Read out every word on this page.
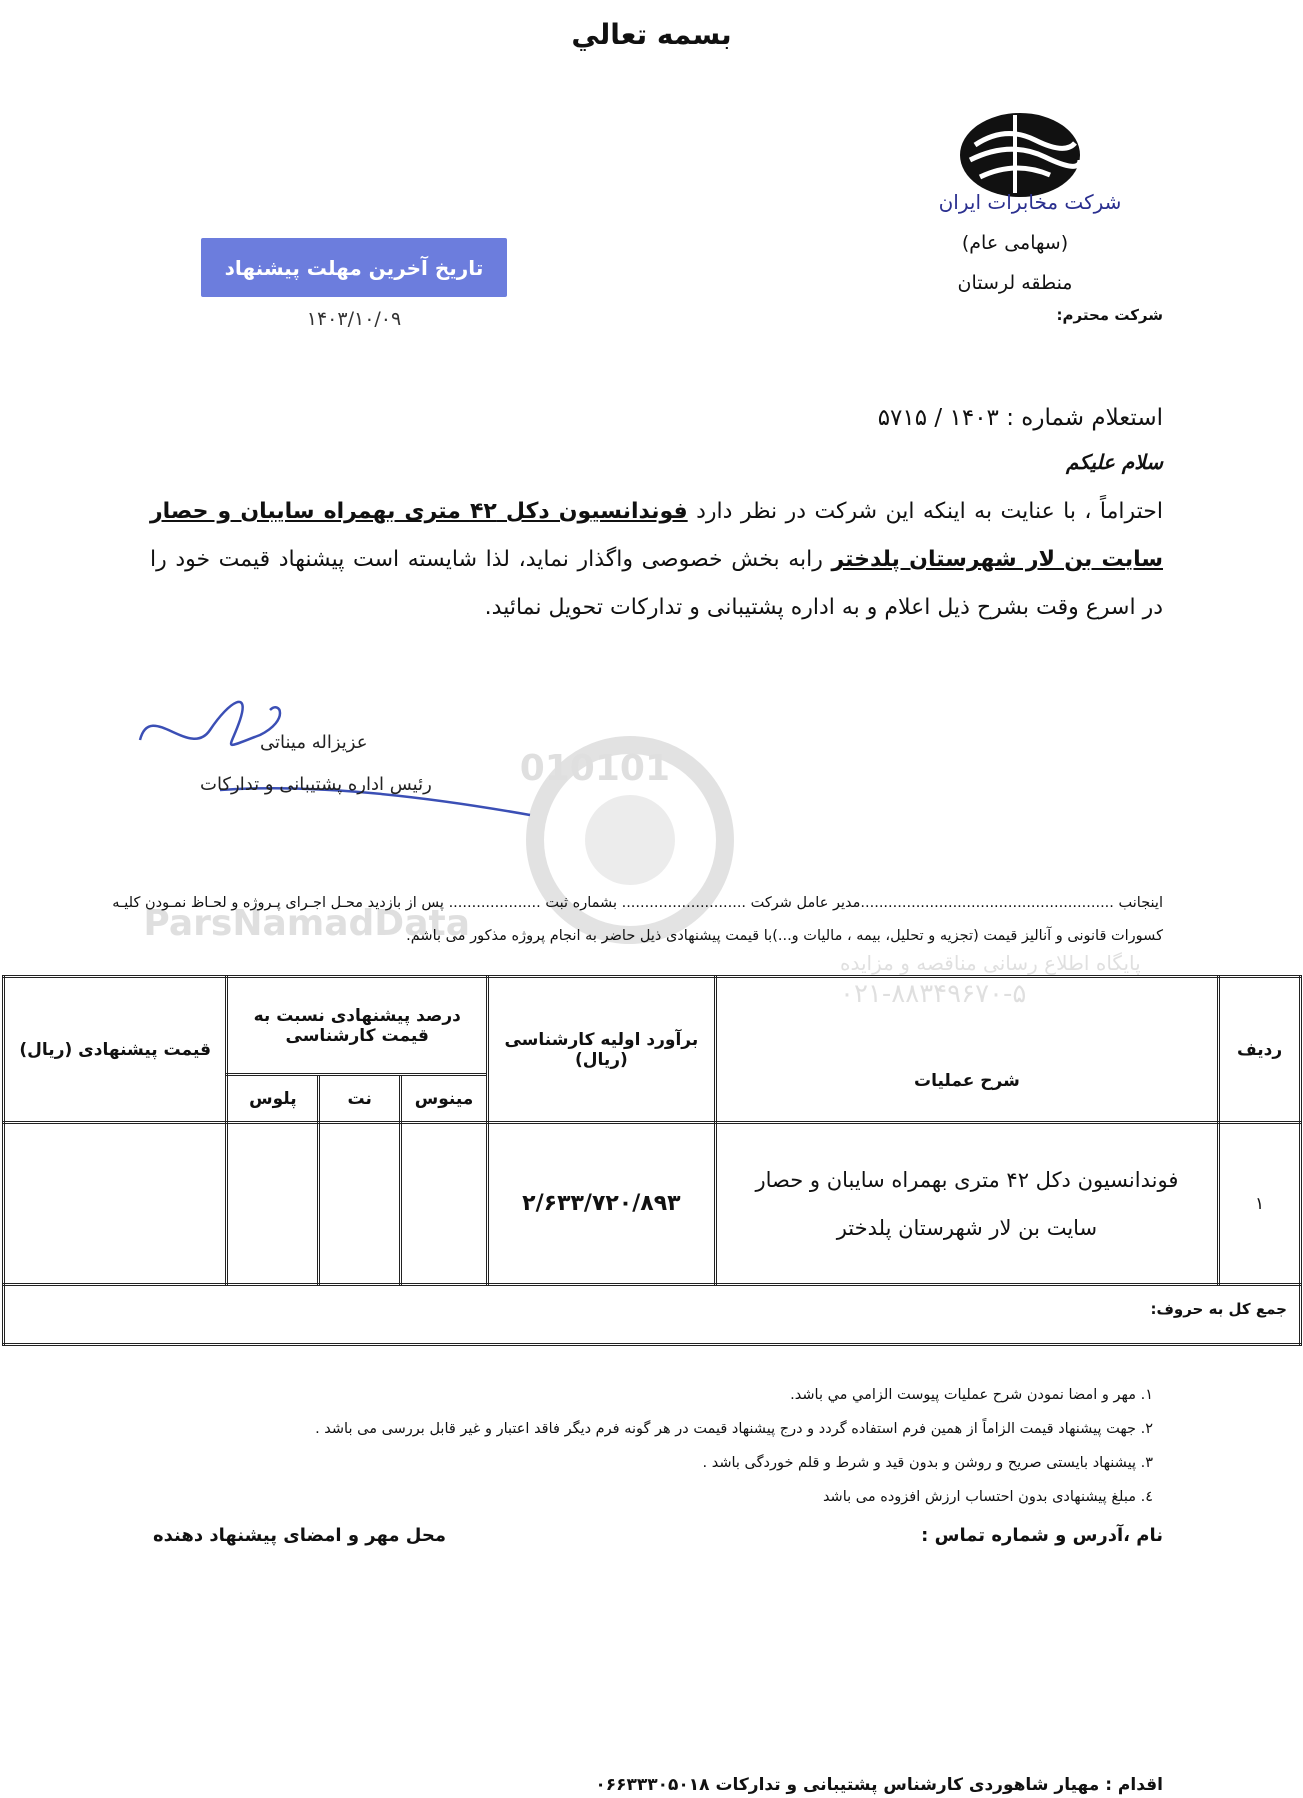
بسمه تعالي
شرکت مخابرات ایران
(سهامی عام)
منطقه لرستان
شرکت محترم:
تاريخ آخرين مهلت پيشنهاد
۱۴۰۳/۱۰/۰۹
استعلام شماره : ۱۴۰۳ / ۵۷۱۵
سلام علیکم
احتراماً ، با عنایت به اینکه این شرکت در نظر دارد فوندانسیون دکل ۴۲ متری بهمراه سایبان و حصار سایت بن لار شهرستان پلدختر رابه بخش خصوصی واگذار نماید، لذا شایسته است پیشنهاد قیمت خود را در اسرع وقت بشرح ذیل اعلام و به اداره پشتیبانی و تدارکات تحویل نمائید.
010101
ParsNamadData
پایگاه اطلاع رسانی مناقصه و مزایده
۰۲۱-۸۸۳۴۹۶۷۰-۵
عزیزاله میناتی
رئیس اداره پشتیبانی و تدارکات
اینجانب .......................................................مدیر عامل شرکت ........................... بشماره ثبت .................... پس از بازدید محـل اجـرای پـروژه و لحـاظ نمـودن کلیـه
کسورات قانونی و آنالیز قیمت (تجزیه و تحلیل، بیمه ، مالیات و...)با قیمت پیشنهادی ذیل حاضر به انجام پروژه مذکور می باشم.
ردیف	شرح عملیات	برآورد اولیه کارشناسی (ریال)	درصد پیشنهادی نسبت به قیمت کارشناسی			قیمت پیشنهادی (ریال)
			مینوس	نت	پلوس	
۱	فوندانسیون دکل ۴۲ متری بهمراه سایبان و حصار سایت بن لار شهرستان پلدختر	۲/۶۳۳/۷۲۰/۸۹۳				
جمع کل به حروف:						
۱. مهر و امضا نمودن شرح عملیات پیوست الزامي مي باشد.
۲. جهت پیشنهاد قیمت الزاماً از همین فرم استفاده گردد و درج پیشنهاد قیمت در هر گونه فرم دیگر فاقد اعتبار و غیر قابل بررسی می باشد .
۳. پیشنهاد بایستی صریح و روشن و بدون قید و شرط و قلم خوردگی باشد .
٤. مبلغ پیشنهادی بدون احتساب ارزش افزوده می باشد
نام ،آدرس و شماره تماس :
محل مهر و امضای پیشنهاد دهنده
اقدام : مهیار شاهوردی کارشناس پشتیبانی و تدارکات ۰۶۶۳۳۳۰۵۰۱۸
